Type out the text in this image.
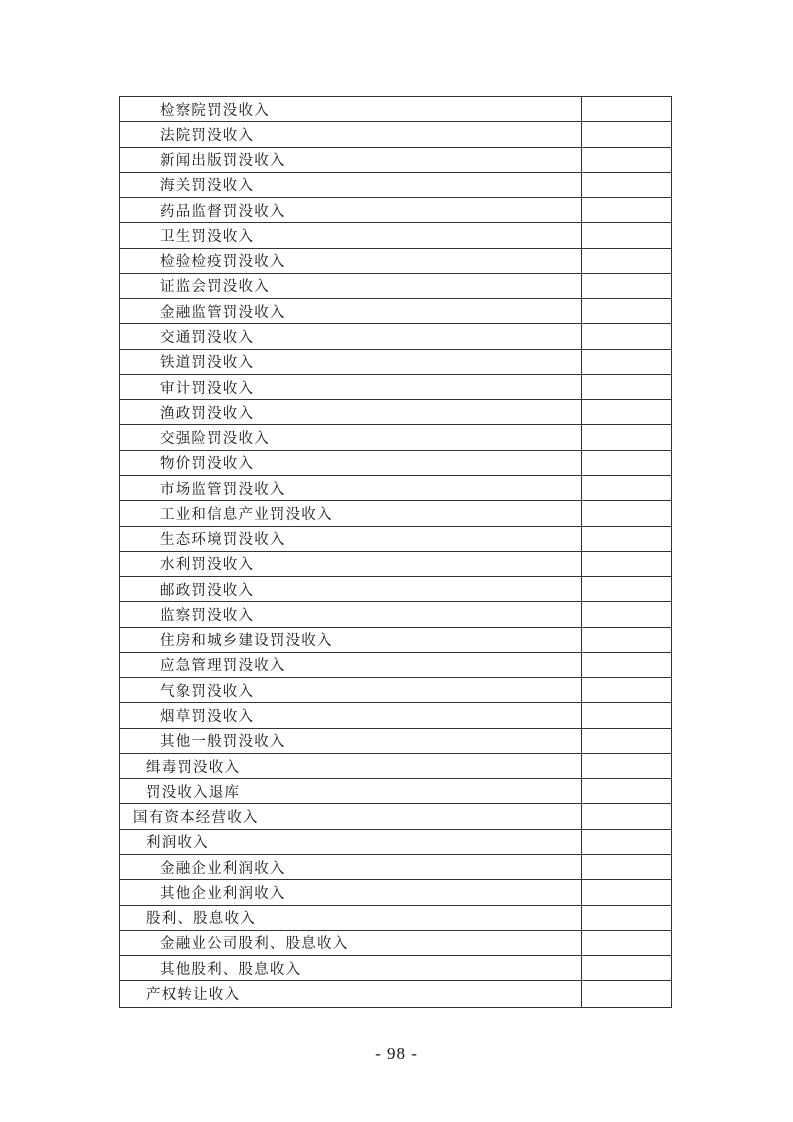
检察院罚没收入
法院罚没收入
新闻出版罚没收入
海关罚没收入
药品监督罚没收入
卫生罚没收入
检验检疫罚没收入
证监会罚没收入
金融监管罚没收入
交通罚没收入
铁道罚没收入
审计罚没收入
渔政罚没收入
交强险罚没收入
物价罚没收入
市场监管罚没收入
工业和信息产业罚没收入
生态环境罚没收入
水利罚没收入
邮政罚没收入
监察罚没收入
住房和城乡建设罚没收入
应急管理罚没收入
气象罚没收入
烟草罚没收入
其他一般罚没收入
缉毒罚没收入
罚没收入退库
国有资本经营收入
利润收入
金融企业利润收入
其他企业利润收入
股利、股息收入
金融业公司股利、股息收入
其他股利、股息收入
产权转让收入
- 98 -
